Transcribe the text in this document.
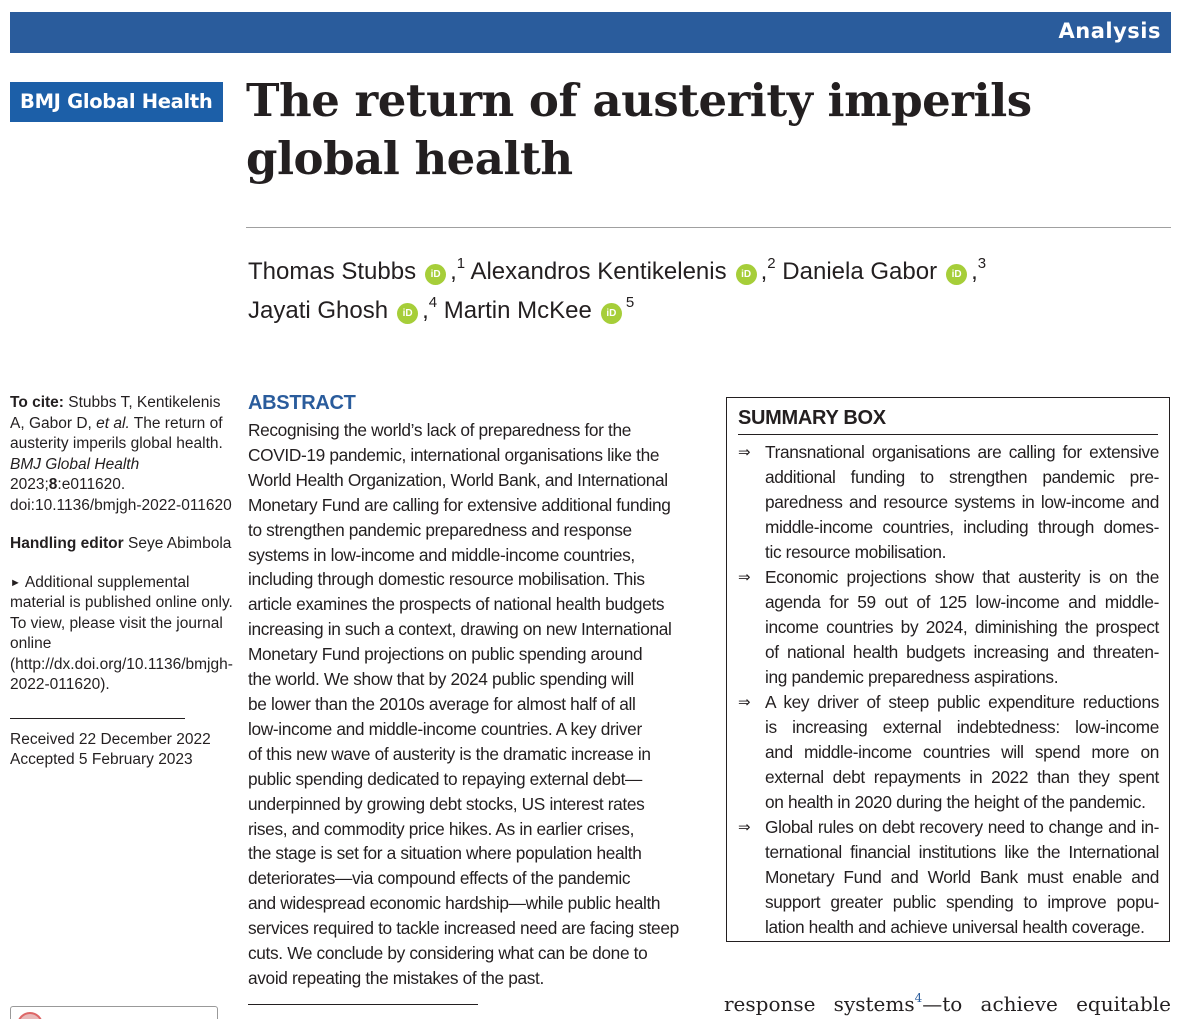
Analysis
BMJ Global Health The return of austerity imperils
global health
Thomas Stubbs iD ,$^1$ Alexandros Kentikelenis iD ,$^2$ Daniela Gabor iD ,$^3$
Jayati Ghosh iD ,$^4$ Martin McKee iD$^5$
To cite: Stubbs T, Kentikelenis A, Gabor D, et al. The return of austerity imperils global health. BMJ Global Health 2023;8:e011620. doi:10.1136/bmjgh-2022-011620
Handling editor Seye Abimbola
► Additional supplemental material is published online only. To view, please visit the journal online (http://dx.doi.org/10.1136/bmjgh-2022-011620).
Received 22 December 2022
Accepted 5 February 2023
ABSTRACT
Recognising the world’s lack of preparedness for the
COVID-19 pandemic, international organisations like the
World Health Organization, World Bank, and International
Monetary Fund are calling for extensive additional funding
to strengthen pandemic preparedness and response
systems in low-income and middle-income countries,
including through domestic resource mobilisation. This
article examines the prospects of national health budgets
increasing in such a context, drawing on new International
Monetary Fund projections on public spending around
the world. We show that by 2024 public spending will
be lower than the 2010s average for almost half of all
low-income and middle-income countries. A key driver
of this new wave of austerity is the dramatic increase in
public spending dedicated to repaying external debt—
underpinned by growing debt stocks, US interest rates
rises, and commodity price hikes. As in earlier crises,
the stage is set for a situation where population health
deteriorates—via compound effects of the pandemic
and widespread economic hardship—while public health
services required to tackle increased need are facing steep
cuts. We conclude by considering what can be done to
avoid repeating the mistakes of the past.
SUMMARY BOX
⇒ Transnational organisations are calling for extensive
additional funding to strengthen pandemic pre-
paredness and resource systems in low-income and
middle-income countries, including through domes-
tic resource mobilisation.
⇒ Economic projections show that austerity is on the
agenda for 59 out of 125 low-income and middle-
income countries by 2024, diminishing the prospect
of national health budgets increasing and threaten-
ing pandemic preparedness aspirations.
⇒ A key driver of steep public expenditure reductions
is increasing external indebtedness: low-income
and middle-income countries will spend more on
external debt repayments in 2022 than they spent
on health in 2020 during the height of the pandemic.
⇒ Global rules on debt recovery need to change and in-
ternational financial institutions like the International
Monetary Fund and World Bank must enable and
support greater public spending to improve popu-
lation health and achieve universal health coverage.

response systems$^4$—to achieve equitable
